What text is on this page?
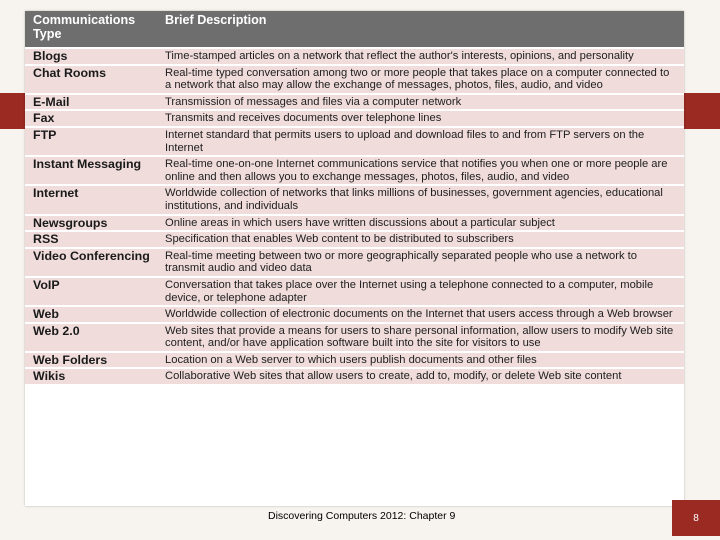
Communications Type	Brief Description
Blogs	Time-stamped articles on a network that reflect the author's interests, opinions, and personality
Chat Rooms	Real-time typed conversation among two or more people that takes place on a computer connected to a network that also may allow the exchange of messages, photos, files, audio, and video
E-Mail	Transmission of messages and files via a computer network
Fax	Transmits and receives documents over telephone lines
FTP	Internet standard that permits users to upload and download files to and from FTP servers on the Internet
Instant Messaging	Real-time one-on-one Internet communications service that notifies you when one or more people are online and then allows you to exchange messages, photos, files, audio, and video
Internet	Worldwide collection of networks that links millions of businesses, government agencies, educational institutions, and individuals
Newsgroups	Online areas in which users have written discussions about a particular subject
RSS	Specification that enables Web content to be distributed to subscribers
Video Conferencing	Real-time meeting between two or more geographically separated people who use a network to transmit audio and video data
VoIP	Conversation that takes place over the Internet using a telephone connected to a computer, mobile device, or telephone adapter
Web	Worldwide collection of electronic documents on the Internet that users access through a Web browser
Web 2.0	Web sites that provide a means for users to share personal information, allow users to modify Web site content, and/or have application software built into the site for visitors to use
Web Folders	Location on a Web server to which users publish documents and other files
Wikis	Collaborative Web sites that allow users to create, add to, modify, or delete Web site content
Discovering Computers 2012: Chapter 9	8
